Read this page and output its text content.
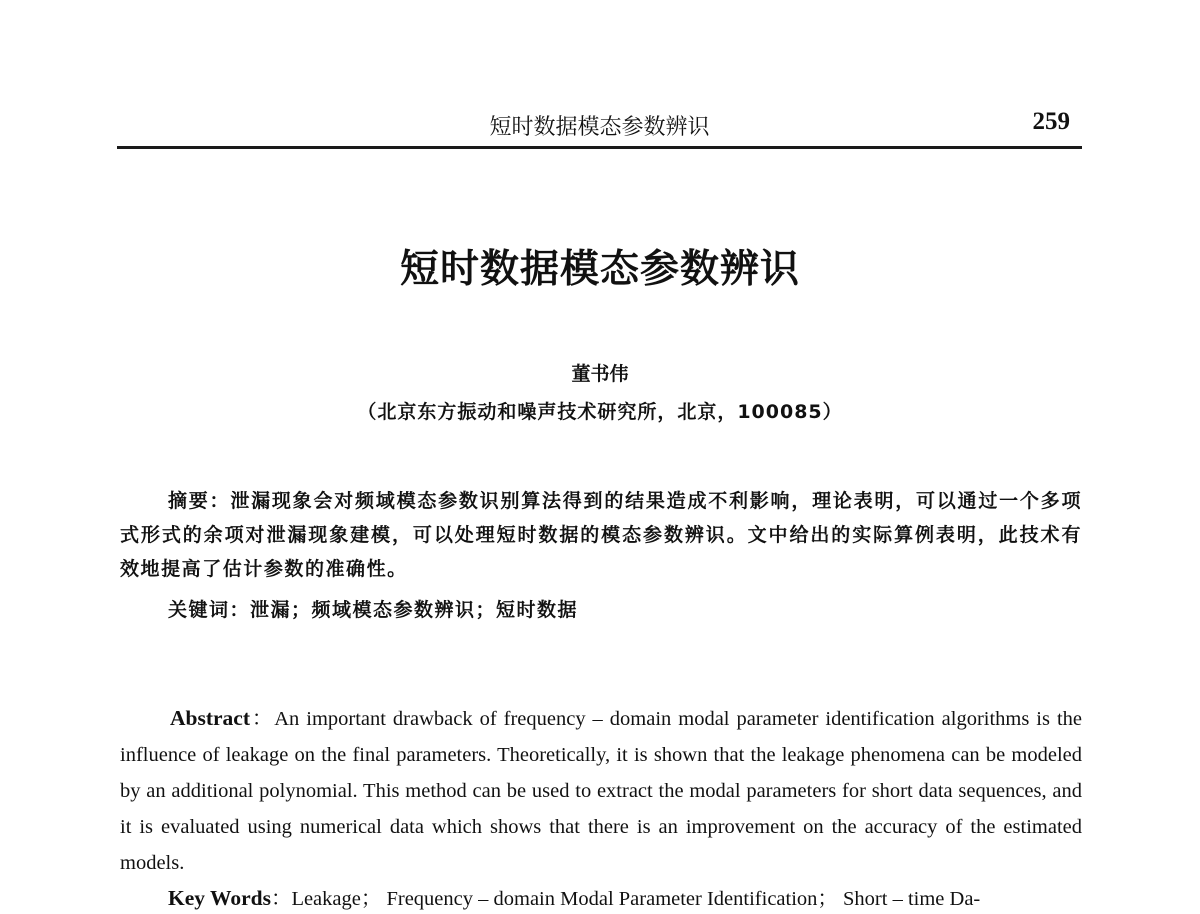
短时数据模态参数辨识	259
短时数据模态参数辨识
董书伟
（北京东方振动和噪声技术研究所，北京，100085）
摘要：泄漏现象会对频域模态参数识别算法得到的结果造成不利影响，理论表明，可以通过一个多项式形式的余项对泄漏现象建模，可以处理短时数据的模态参数辨识。文中给出的实际算例表明，此技术有效地提高了估计参数的准确性。
关键词：泄漏；频域模态参数辨识；短时数据
Abstract：An important drawback of frequency – domain modal parameter identification algorithms is the influence of leakage on the final parameters. Theoretically, it is shown that the leakage phenomena can be modeled by an additional polynomial. This method can be used to extract the modal parameters for short data sequences, and it is evaluated using numerical data which shows that there is an improvement on the accuracy of the estimated models.
Key Words：Leakage； Frequency – domain Modal Parameter Identification； Short – time Da-
